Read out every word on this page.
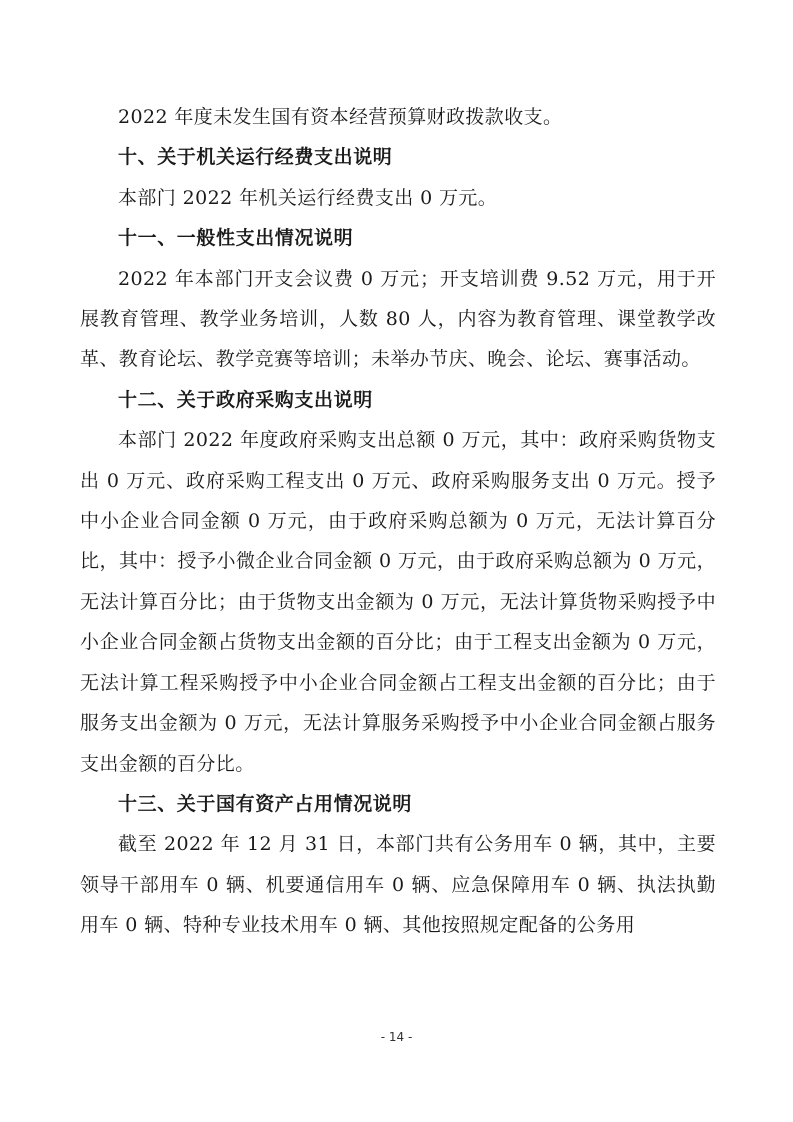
2022 年度未发生国有资本经营预算财政拨款收支。

十、关于机关运行经费支出说明

本部门 2022 年机关运行经费支出 0 万元。

十一、一般性支出情况说明

2022 年本部门开支会议费 0 万元；开支培训费 9.52 万元，用于开展教育管理、教学业务培训，人数 80 人，内容为教育管理、课堂教学改革、教育论坛、教学竞赛等培训；未举办节庆、晚会、论坛、赛事活动。

十二、关于政府采购支出说明

本部门 2022 年度政府采购支出总额 0 万元，其中：政府采购货物支出 0 万元、政府采购工程支出 0 万元、政府采购服务支出 0 万元。授予中小企业合同金额 0 万元，由于政府采购总额为 0 万元，无法计算百分比，其中：授予小微企业合同金额 0 万元，由于政府采购总额为 0 万元，无法计算百分比；由于货物支出金额为 0 万元，无法计算货物采购授予中小企业合同金额占货物支出金额的百分比；由于工程支出金额为 0 万元，无法计算工程采购授予中小企业合同金额占工程支出金额的百分比；由于服务支出金额为 0 万元，无法计算服务采购授予中小企业合同金额占服务支出金额的百分比。

十三、关于国有资产占用情况说明

截至 2022 年 12 月 31 日，本部门共有公务用车 0 辆，其中，主要领导干部用车 0 辆、机要通信用车 0 辆、应急保障用车 0 辆、执法执勤用车 0 辆、特种专业技术用车 0 辆、其他按照规定配备的公务用

- 14 -
